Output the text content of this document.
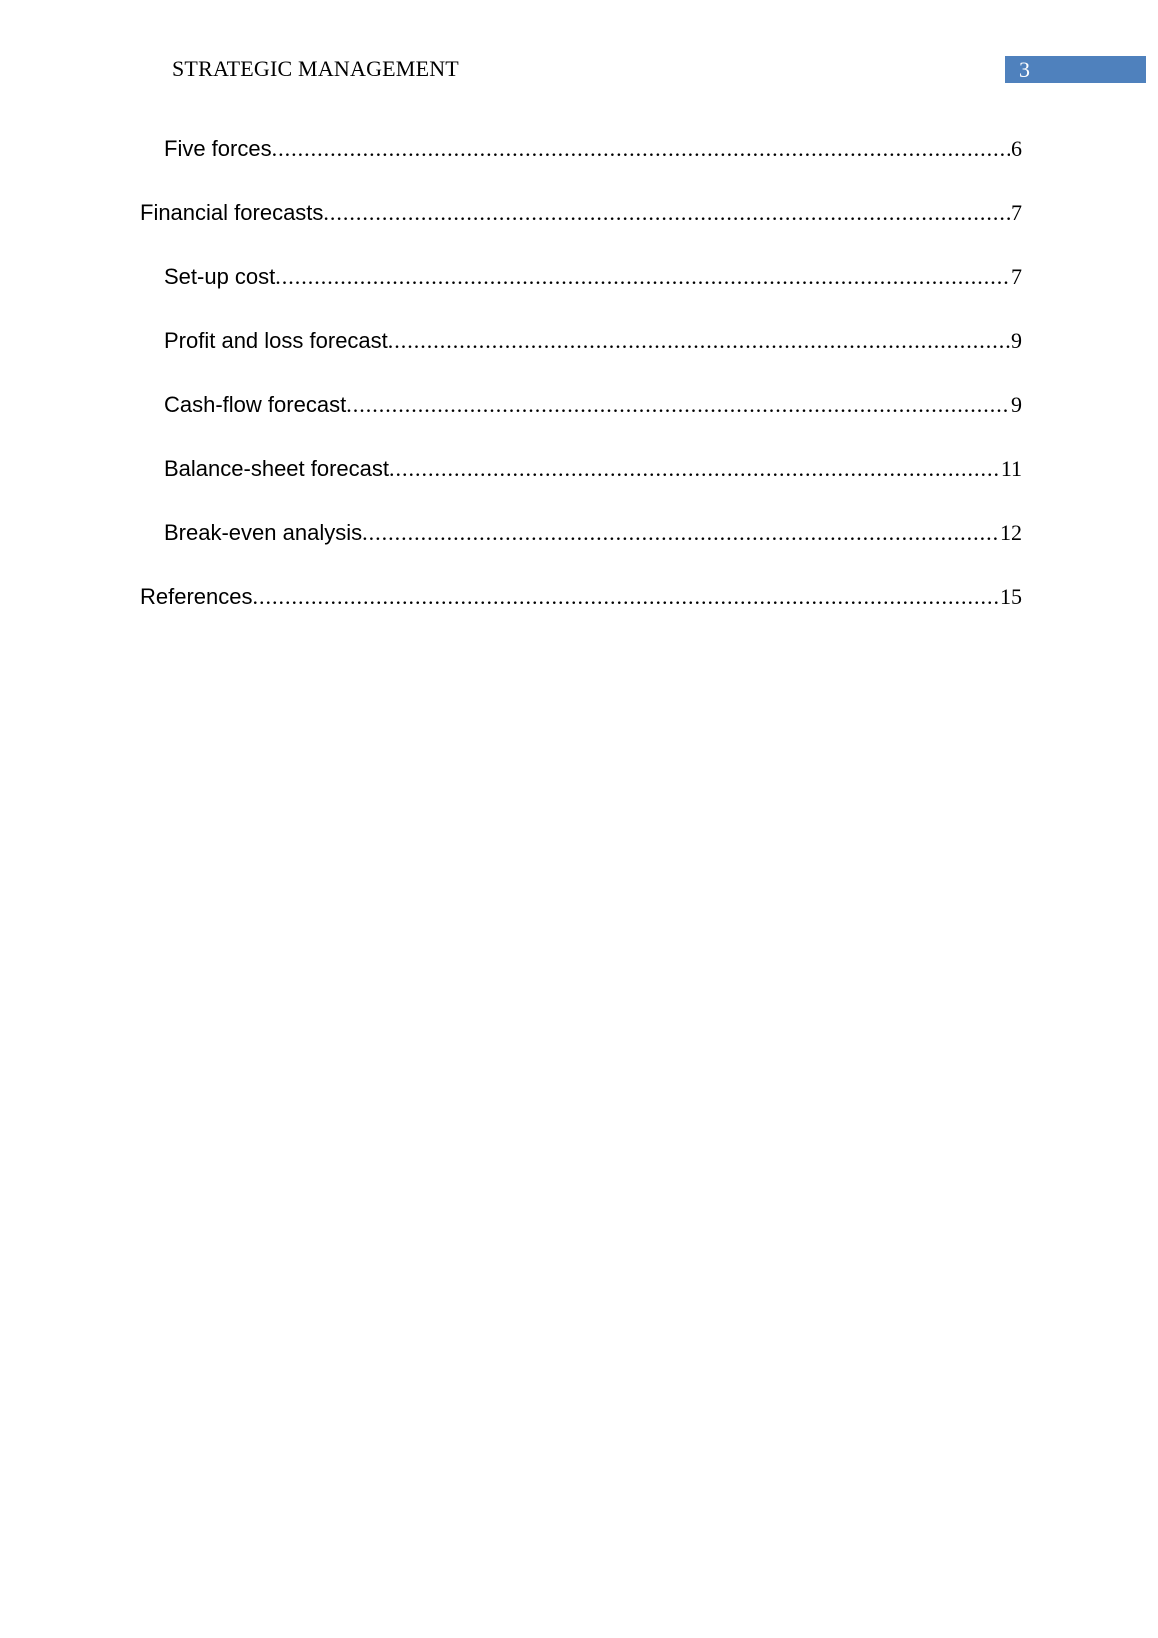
STRATEGIC MANAGEMENT	3
Five forces .....	6
Financial forecasts .....	7
Set-up cost .....	7
Profit and loss forecast .....	9
Cash-flow forecast .....	9
Balance-sheet forecast .....	11
Break-even analysis .....	12
References .....	15
